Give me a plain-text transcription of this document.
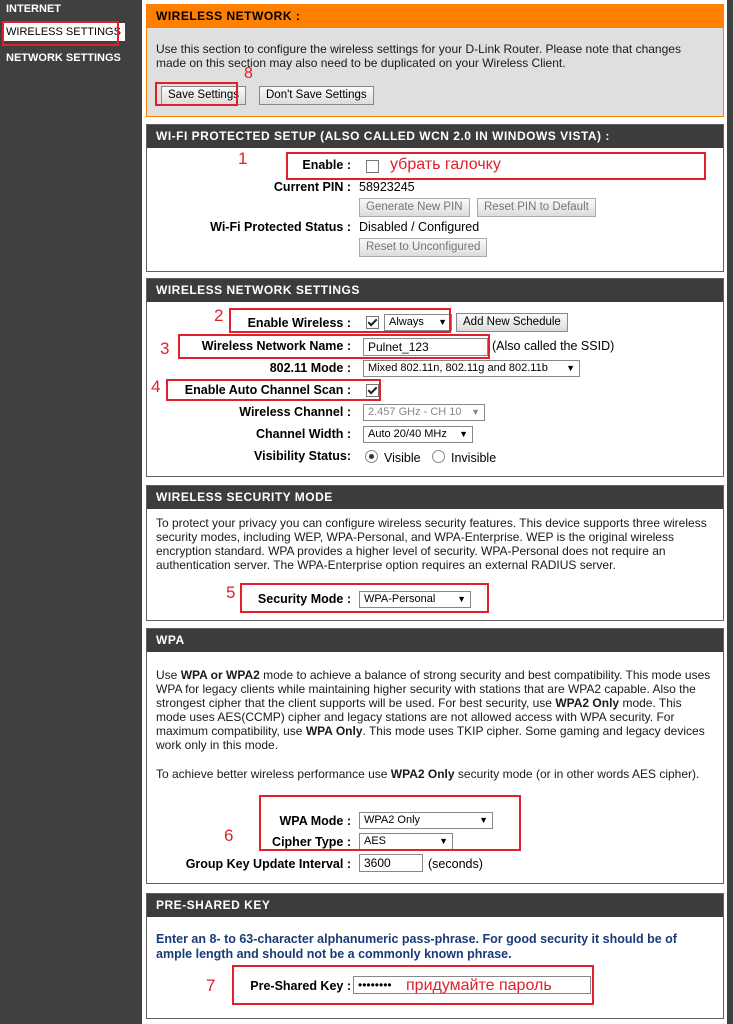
INTERNET
WIRELESS SETTINGS
NETWORK SETTINGS
WIRELESS NETWORK :
Use this section to configure the wireless settings for your D-Link Router. Please note that changes made on this section may also need to be duplicated on your Wireless Client.
Save Settings	Don't Save Settings
WI-FI PROTECTED SETUP (ALSO CALLED WCN 2.0 IN WINDOWS VISTA) :
Enable :
Current PIN : 58923245
Generate New PIN	Reset PIN to Default
Wi-Fi Protected Status : Disabled / Configured
Reset to Unconfigured
WIRELESS NETWORK SETTINGS
Enable Wireless :	Always ▼	Add New Schedule
Wireless Network Name :	Pulnet_123	(Also called the SSID)
802.11 Mode :	Mixed 802.11n, 802.11g and 802.11b ▼
Enable Auto Channel Scan :
Wireless Channel :	2.457 GHz - CH 10 ▼
Channel Width :	Auto 20/40 MHz ▼
Visibility Status:	Visible Invisible
WIRELESS SECURITY MODE
To protect your privacy you can configure wireless security features. This device supports three wireless security modes, including WEP, WPA-Personal, and WPA-Enterprise. WEP is the original wireless encryption standard. WPA provides a higher level of security. WPA-Personal does not require an authentication server. The WPA-Enterprise option requires an external RADIUS server.
Security Mode :	WPA-Personal ▼
WPA
Use WPA or WPA2 mode to achieve a balance of strong security and best compatibility. This mode uses WPA for legacy clients while maintaining higher security with stations that are WPA2 capable. Also the strongest cipher that the client supports will be used. For best security, use WPA2 Only mode. This mode uses AES(CCMP) cipher and legacy stations are not allowed access with WPA security. For maximum compatibility, use WPA Only. This mode uses TKIP cipher. Some gaming and legacy devices work only in this mode.
To achieve better wireless performance use WPA2 Only security mode (or in other words AES cipher).
WPA Mode :	WPA2 Only	▼
Cipher Type :	AES	▼
Group Key Update Interval :	3600	(seconds)
PRE-SHARED KEY
Enter an 8- to 63-character alphanumeric pass-phrase. For good security it should be of ample length and should not be a commonly known phrase.
Pre-Shared Key : ••••••••
8
1	убрать галочку
2
3
4
5
6
7	придумайте пароль
